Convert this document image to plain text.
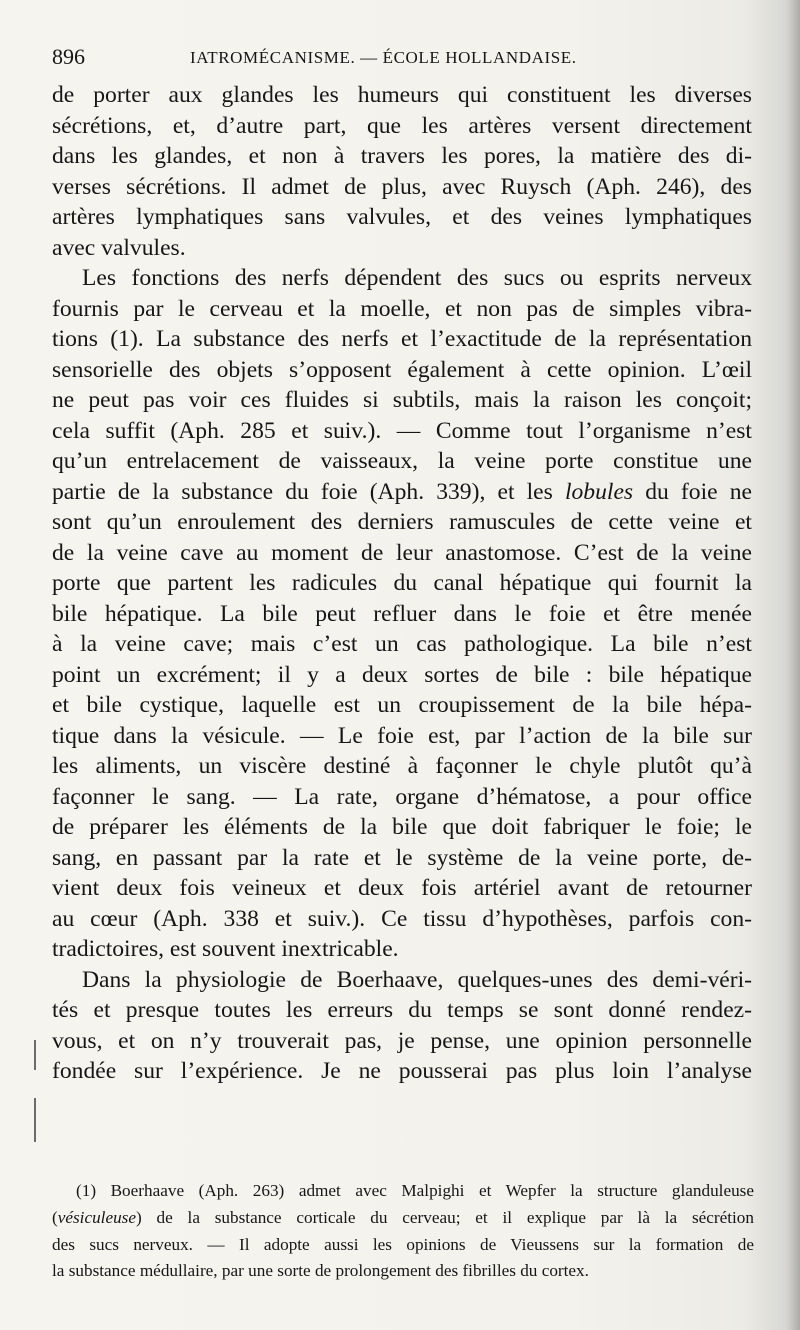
896	IATROMÉCANISME. — ÉCOLE HOLLANDAISE.
de porter aux glandes les humeurs qui constituent les diverses
sécrétions, et, d’autre part, que les artères versent directement
dans les glandes, et non à travers les pores, la matière des di-
verses sécrétions. Il admet de plus, avec Ruysch (Aph. 246), des
artères lymphatiques sans valvules, et des veines lymphatiques
avec valvules.
Les fonctions des nerfs dépendent des sucs ou esprits nerveux
fournis par le cerveau et la moelle, et non pas de simples vibra-
tions (1). La substance des nerfs et l’exactitude de la représentation
sensorielle des objets s’opposent également à cette opinion. L’œil
ne peut pas voir ces fluides si subtils, mais la raison les conçoit;
cela suffit (Aph. 285 et suiv.). — Comme tout l’organisme n’est
qu’un entrelacement de vaisseaux, la veine porte constitue une
partie de la substance du foie (Aph. 339), et les lobules du foie ne
sont qu’un enroulement des derniers ramuscules de cette veine et
de la veine cave au moment de leur anastomose. C’est de la veine
porte que partent les radicules du canal hépatique qui fournit la
bile hépatique. La bile peut refluer dans le foie et être menée
à la veine cave; mais c’est un cas pathologique. La bile n’est
point un excrément; il y a deux sortes de bile : bile hépatique
et bile cystique, laquelle est un croupissement de la bile hépa-
tique dans la vésicule. — Le foie est, par l’action de la bile sur
les aliments, un viscère destiné à façonner le chyle plutôt qu’à
façonner le sang. — La rate, organe d’hématose, a pour office
de préparer les éléments de la bile que doit fabriquer le foie; le
sang, en passant par la rate et le système de la veine porte, de-
vient deux fois veineux et deux fois artériel avant de retourner
au cœur (Aph. 338 et suiv.). Ce tissu d’hypothèses, parfois con-
tradictoires, est souvent inextricable.
Dans la physiologie de Boerhaave, quelques-unes des demi-véri-
tés et presque toutes les erreurs du temps se sont donné rendez-
vous, et on n’y trouverait pas, je pense, une opinion personnelle
fondée sur l’expérience. Je ne pousserai pas plus loin l’analyse
(1) Boerhaave (Aph. 263) admet avec Malpighi et Wepfer la structure glanduleuse
(vésiculeuse) de la substance corticale du cerveau; et il explique par là la sécrétion
des sucs nerveux. — Il adopte aussi les opinions de Vieussens sur la formation de
la substance médullaire, par une sorte de prolongement des fibrilles du cortex.
